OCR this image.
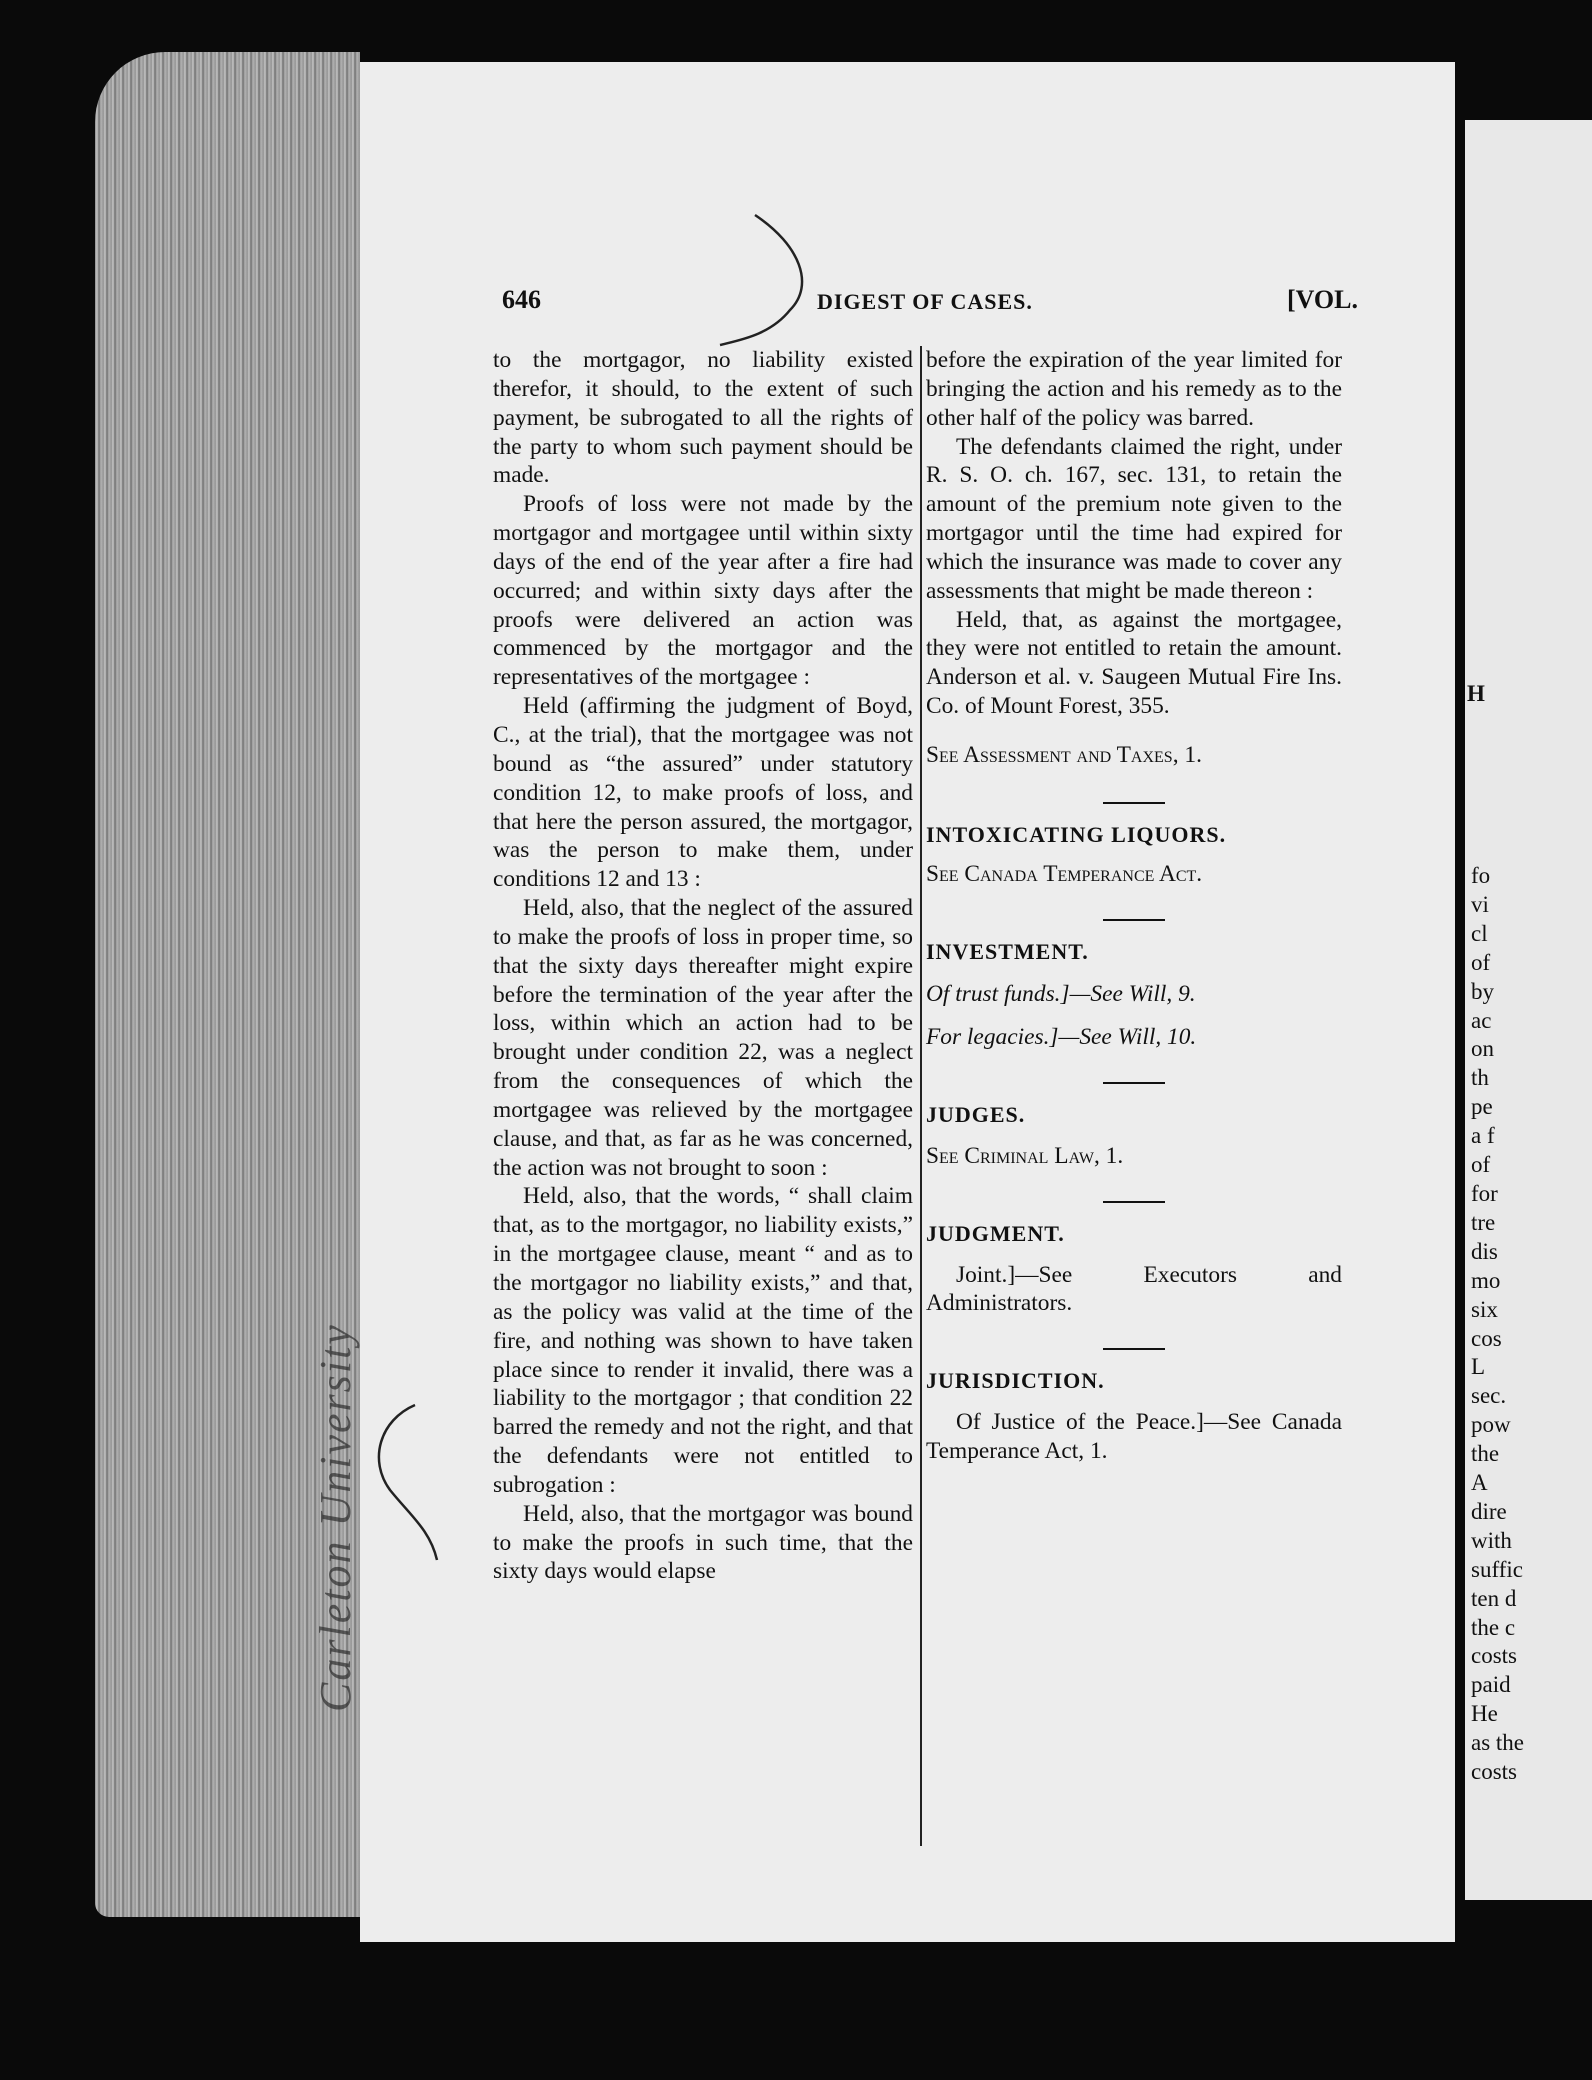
Carleton University
H
fo
vi
cl
of
by
ac
on
th
pe
a f
of
for
tre
dis
mo
six
cos
L
sec.
pow
the
A
dire
with
suffic
ten d
the c
costs
paid
He
as the
costs
646	DIGEST OF CASES.	[VOL.

to the mortgagor, no liability existed therefor, it should, to the extent of such payment, be subrogated to all the rights of the party to whom such payment should be made.

Proofs of loss were not made by the mortgagor and mortgagee until within sixty days of the end of the year after a fire had occurred; and within sixty days after the proofs were delivered an action was commenced by the mortgagor and the representatives of the mortgagee :

Held (affirming the judgment of Boyd, C., at the trial), that the mortgagee was not bound as “the assured” under statutory condition 12, to make proofs of loss, and that here the person assured, the mortgagor, was the person to make them, under conditions 12 and 13 :

Held, also, that the neglect of the assured to make the proofs of loss in proper time, so that the sixty days thereafter might expire before the termination of the year after the loss, within which an action had to be brought under condition 22, was a neglect from the consequences of which the mortgagee was relieved by the mortgagee clause, and that, as far as he was concerned, the action was not brought to soon :

Held, also, that the words, “ shall claim that, as to the mortgagor, no liability exists,” in the mortgagee clause, meant “ and as to the mortgagor no liability exists,” and that, as the policy was valid at the time of the fire, and nothing was shown to have taken place since to render it invalid, there was a liability to the mortgagor ; that condition 22 barred the remedy and not the right, and that the defendants were not entitled to subrogation :

Held, also, that the mortgagor was bound to make the proofs in such time, that the sixty days would elapse

before the expiration of the year limited for bringing the action and his remedy as to the other half of the policy was barred.

The defendants claimed the right, under R. S. O. ch. 167, sec. 131, to retain the amount of the premium note given to the mortgagor until the time had expired for which the insurance was made to cover any assessments that might be made thereon :

Held, that, as against the mortgagee, they were not entitled to retain the amount. Anderson et al. v. Saugeen Mutual Fire Ins. Co. of Mount Forest, 355.

See Assessment and Taxes, 1.

INTOXICATING LIQUORS.

See Canada Temperance Act.

INVESTMENT.

Of trust funds.]—See Will, 9.

For legacies.]—See Will, 10.

JUDGES.

See Criminal Law, 1.

JUDGMENT.

Joint.]—See Executors and Administrators.

JURISDICTION.

Of Justice of the Peace.]—See Canada Temperance Act, 1.
